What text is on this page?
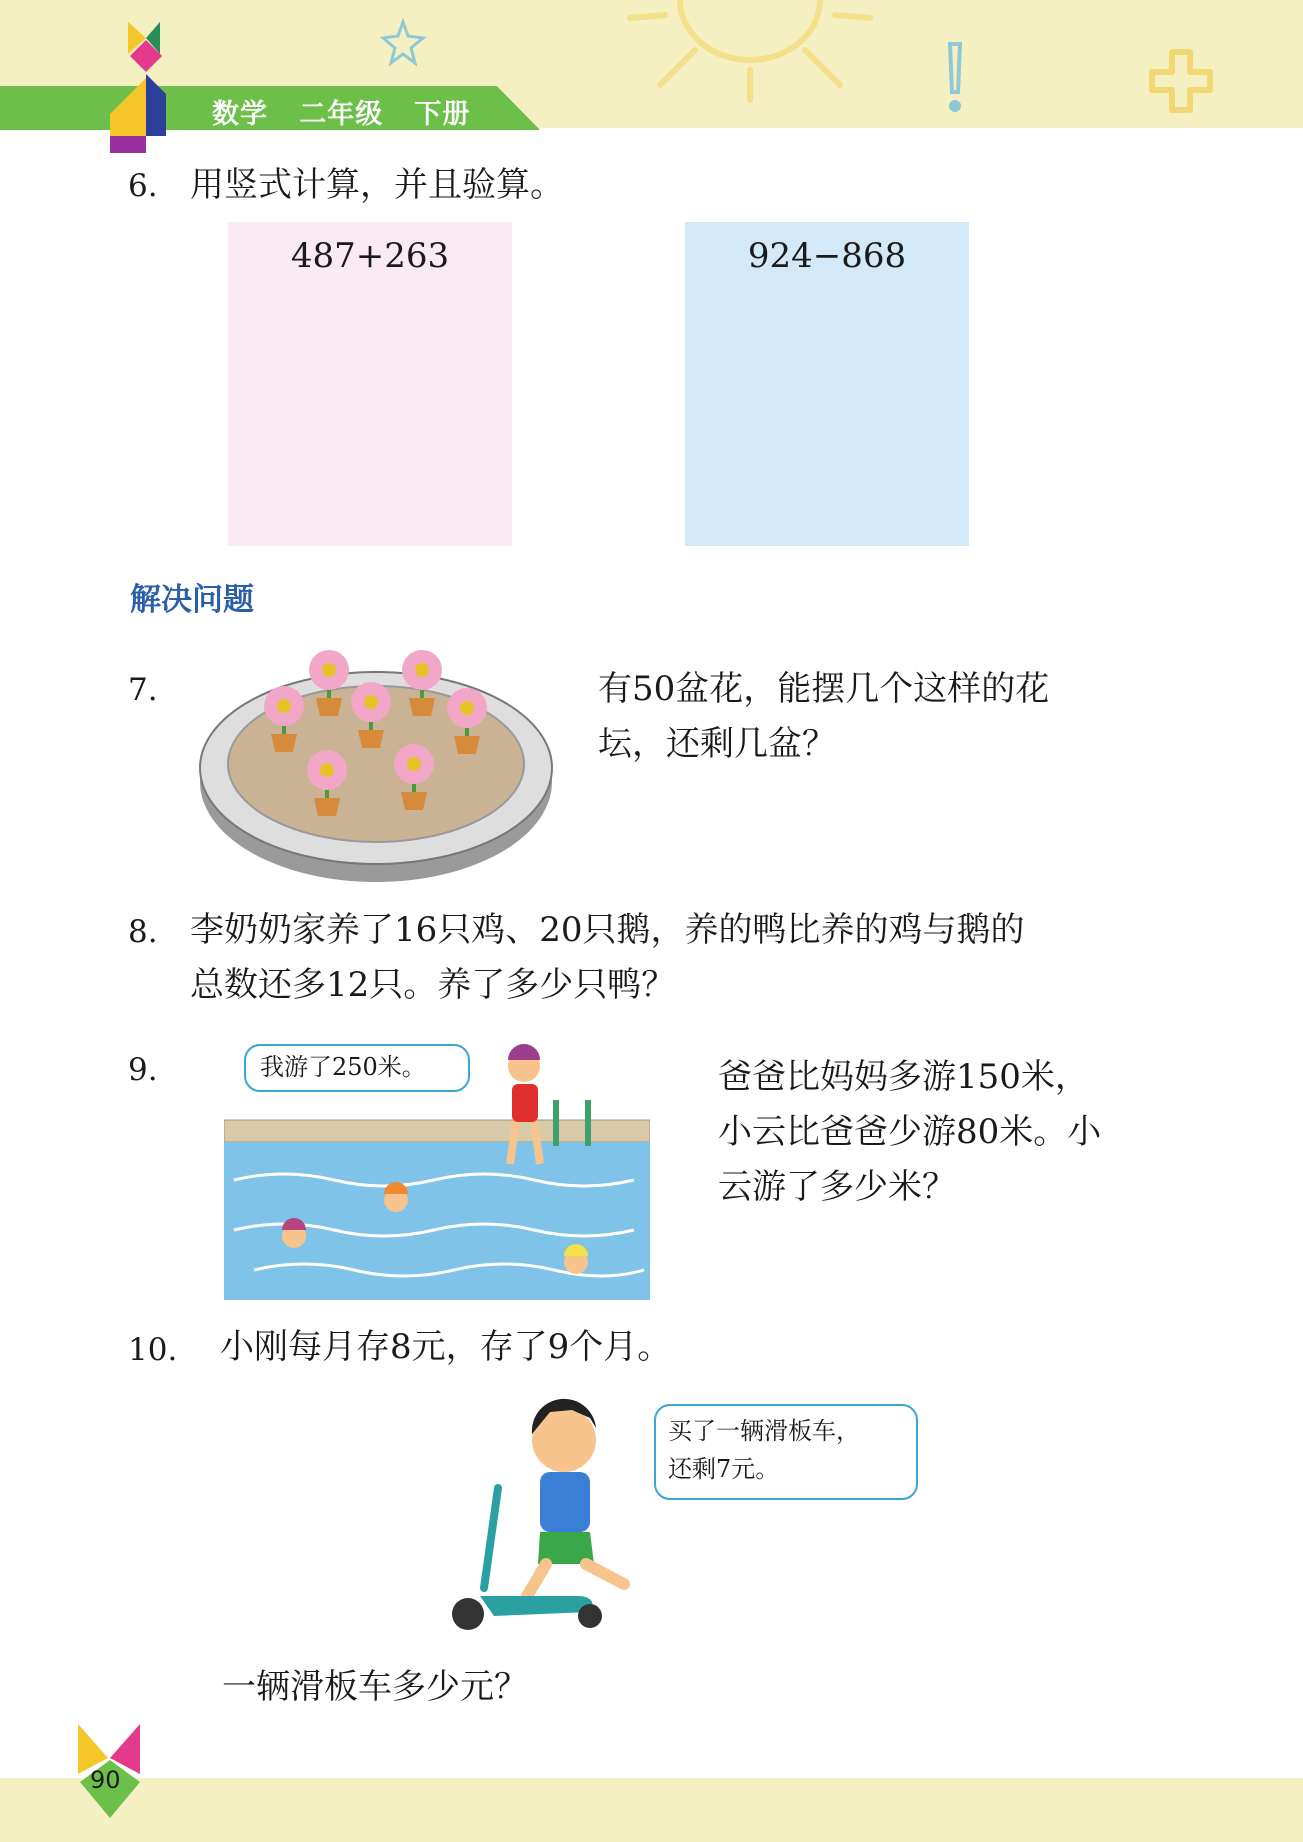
数学   二年级   下册
6. 用竖式计算，并且验算。
487+263	924−868
解决问题
7.	有50盆花，能摆几个这样的花
坛，还剩几盆？
8. 李奶奶家养了16只鸡、20只鹅，养的鸭比养的鸡与鹅的
总数还多12只。养了多少只鸭？
9.	我游了250米。	爸爸比妈妈多游150米，
小云比爸爸少游80米。小
云游了多少米？
10. 小刚每月存8元，存了9个月。
买了一辆滑板车，
还剩7元。
一辆滑板车多少元？
90
